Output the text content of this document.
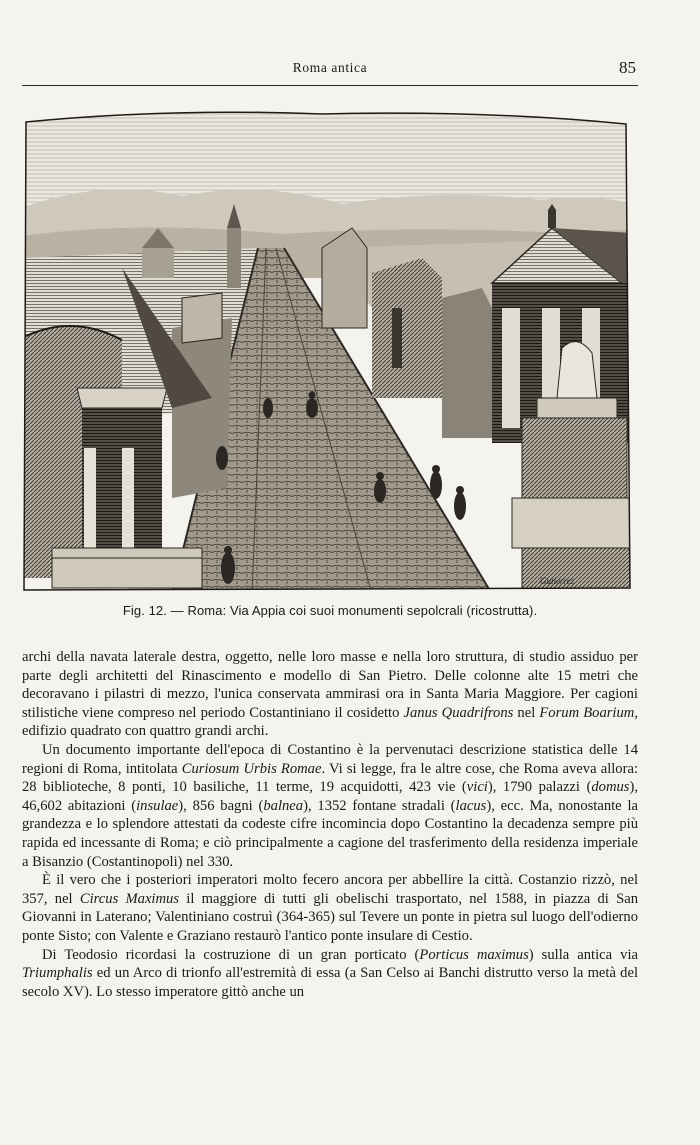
Roma antica	85
Gutierrez
Fig. 12. — Roma: Via Appia coi suoi monumenti sepolcrali (ricostrutta).

archi della navata laterale destra, oggetto, nelle loro masse e nella loro struttura, di studio assiduo per parte degli architetti del Rinascimento e modello di San Pietro. Delle colonne alte 15 metri che decoravano i pilastri di mezzo, l'unica conservata ammirasi ora in Santa Maria Maggiore. Per cagioni stilistiche viene compreso nel periodo Costantiniano il cosidetto Janus Quadrifrons nel Forum Boarium, edifizio quadrato con quattro grandi archi.

Un documento importante dell'epoca di Costantino è la pervenutaci descrizione statistica delle 14 regioni di Roma, intitolata Curiosum Urbis Romae. Vi si legge, fra le altre cose, che Roma aveva allora: 28 biblioteche, 8 ponti, 10 basiliche, 11 terme, 19 acquidotti, 423 vie (vici), 1790 palazzi (domus), 46,602 abitazioni (insulae), 856 bagni (balnea), 1352 fontane stradali (lacus), ecc. Ma, nonostante la grandezza e lo splendore attestati da codeste cifre incomincia dopo Costantino la decadenza sempre più rapida ed incessante di Roma; e ciò principalmente a cagione del trasferimento della residenza imperiale a Bisanzio (Costantinopoli) nel 330.

È il vero che i posteriori imperatori molto fecero ancora per abbellire la città. Costanzio rizzò, nel 357, nel Circus Maximus il maggiore di tutti gli obelischi trasportato, nel 1588, in piazza di San Giovanni in Laterano; Valentiniano costruì (364-365) sul Tevere un ponte in pietra sul luogo dell'odierno ponte Sisto; con Valente e Graziano restaurò l'antico ponte insulare di Cestio.

Di Teodosio ricordasi la costruzione di un gran porticato (Porticus maximus) sulla antica via Triumphalis ed un Arco di trionfo all'estremità di essa (a San Celso ai Banchi distrutto verso la metà del secolo XV). Lo stesso imperatore gittò anche un
